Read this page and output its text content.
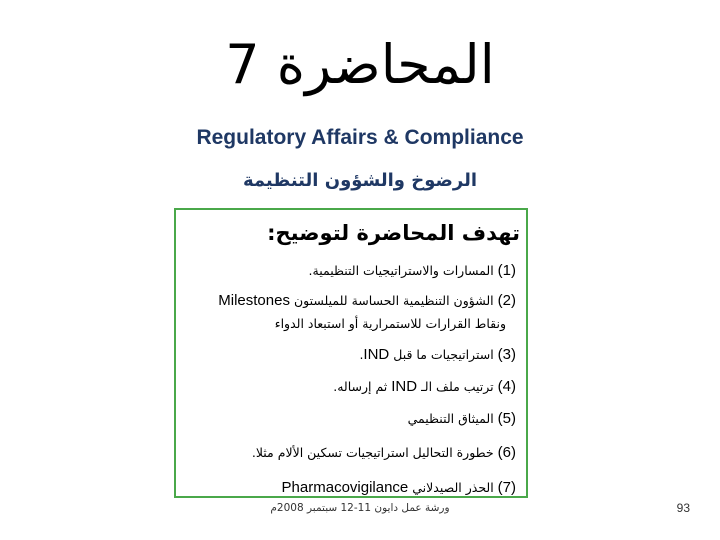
المحاضرة 7
Regulatory Affairs & Compliance
الرضوخ والشؤون التنظيمة
تهدف المحاضرة لتوضيح:
(1) المسارات والاستراتيجيات التنظيمية.
(2) الشؤون التنظيمية الحساسة للميلستون Milestones
ونقاط القرارات للاستمرارية أو استبعاد الدواء
(3) استراتيجيات ما قبل IND.
(4) ترتيب ملف الـ IND ثم إرساله.
(5) الميثاق التنظيمي
(6) خطورة التحاليل استراتيجيات تسكين الألام مثلا.
(7) الحذر الصيدلاني Pharmacovigilance
ورشة عمل دايون 11-12 سبتمبر 2008م	93
